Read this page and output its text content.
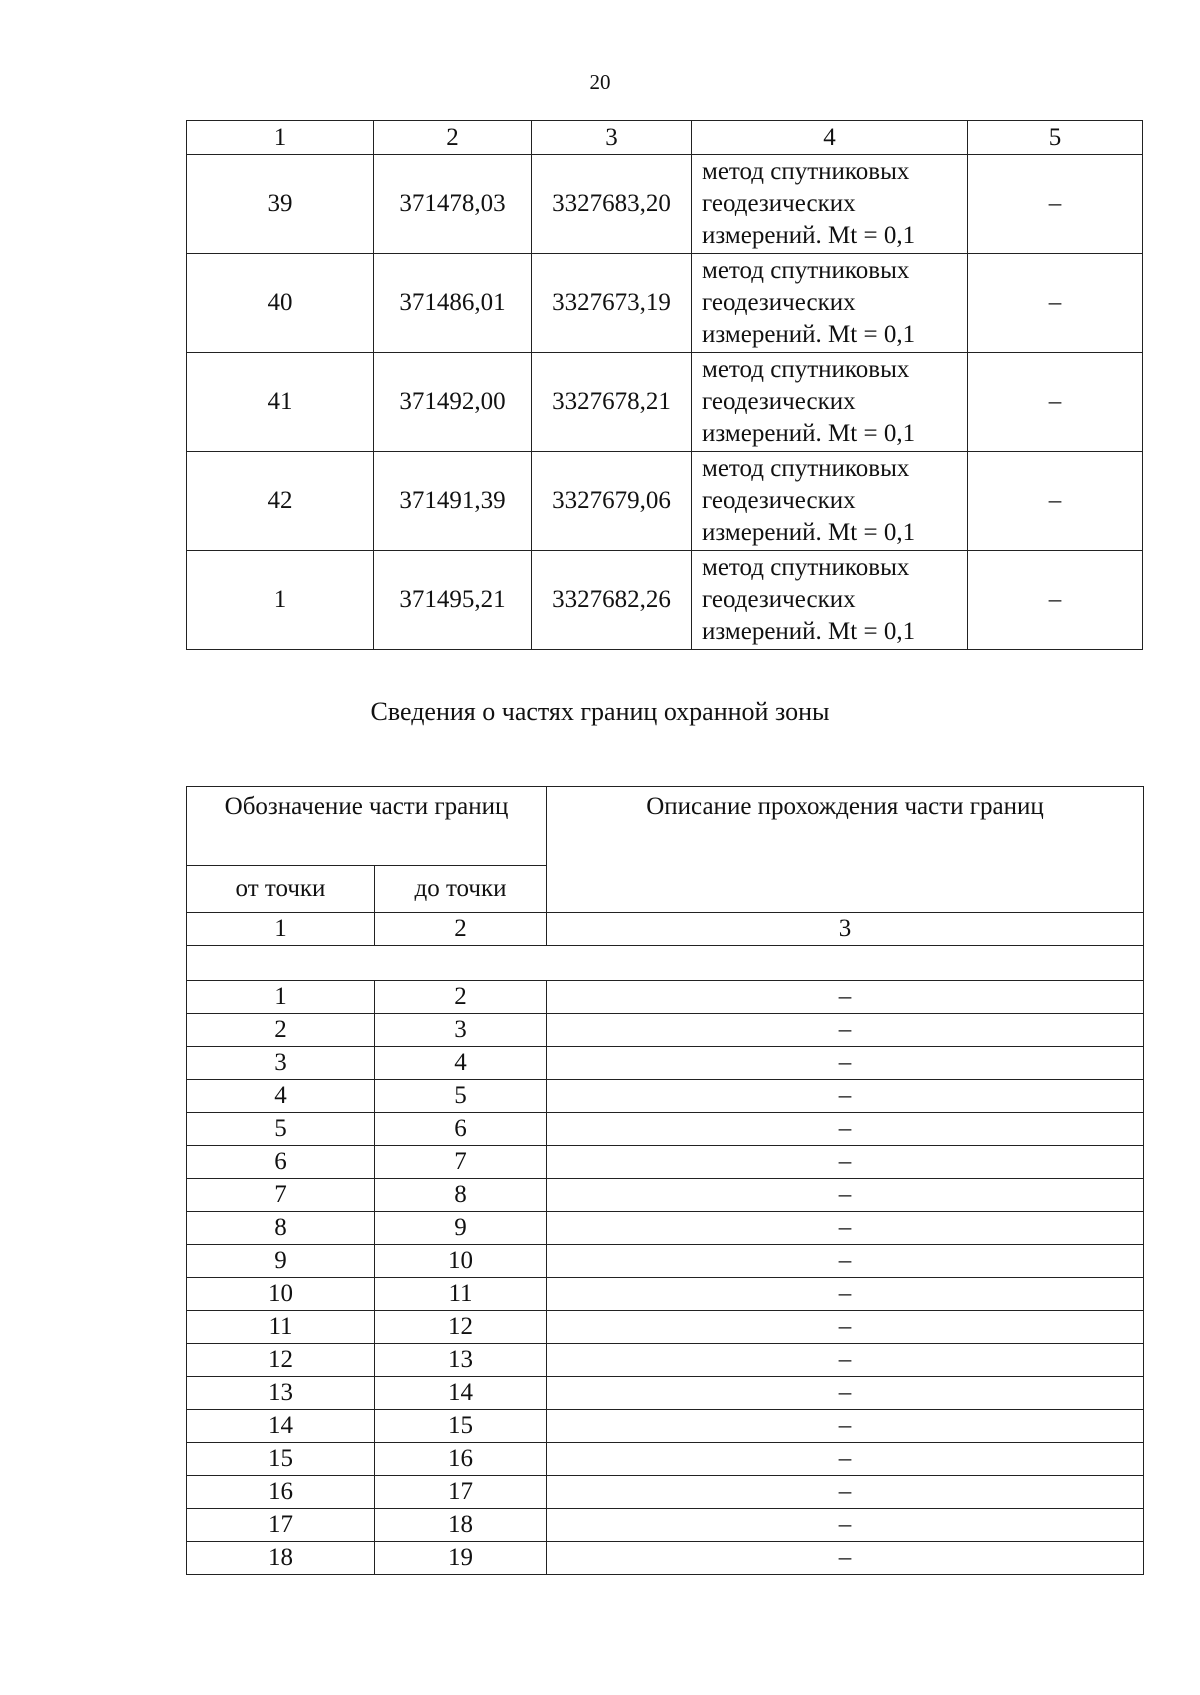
20
1	2	3	4	5
39	371478,03	3327683,20	метод спутниковых
геодезических
измерений. Mt = 0,1	–
40	371486,01	3327673,19	метод спутниковых
геодезических
измерений. Mt = 0,1	–
41	371492,00	3327678,21	метод спутниковых
геодезических
измерений. Mt = 0,1	–
42	371491,39	3327679,06	метод спутниковых
геодезических
измерений. Mt = 0,1	–
1	371495,21	3327682,26	метод спутниковых
геодезических
измерений. Mt = 0,1	–
Сведения о частях границ охранной зоны
Обозначение части границ		Описание прохождения части границ
от точки	до точки	
1	2	3

1	2	–
2	3	–
3	4	–
4	5	–
5	6	–
6	7	–
7	8	–
8	9	–
9	10	–
10	11	–
11	12	–
12	13	–
13	14	–
14	15	–
15	16	–
16	17	–
17	18	–
18	19	–
